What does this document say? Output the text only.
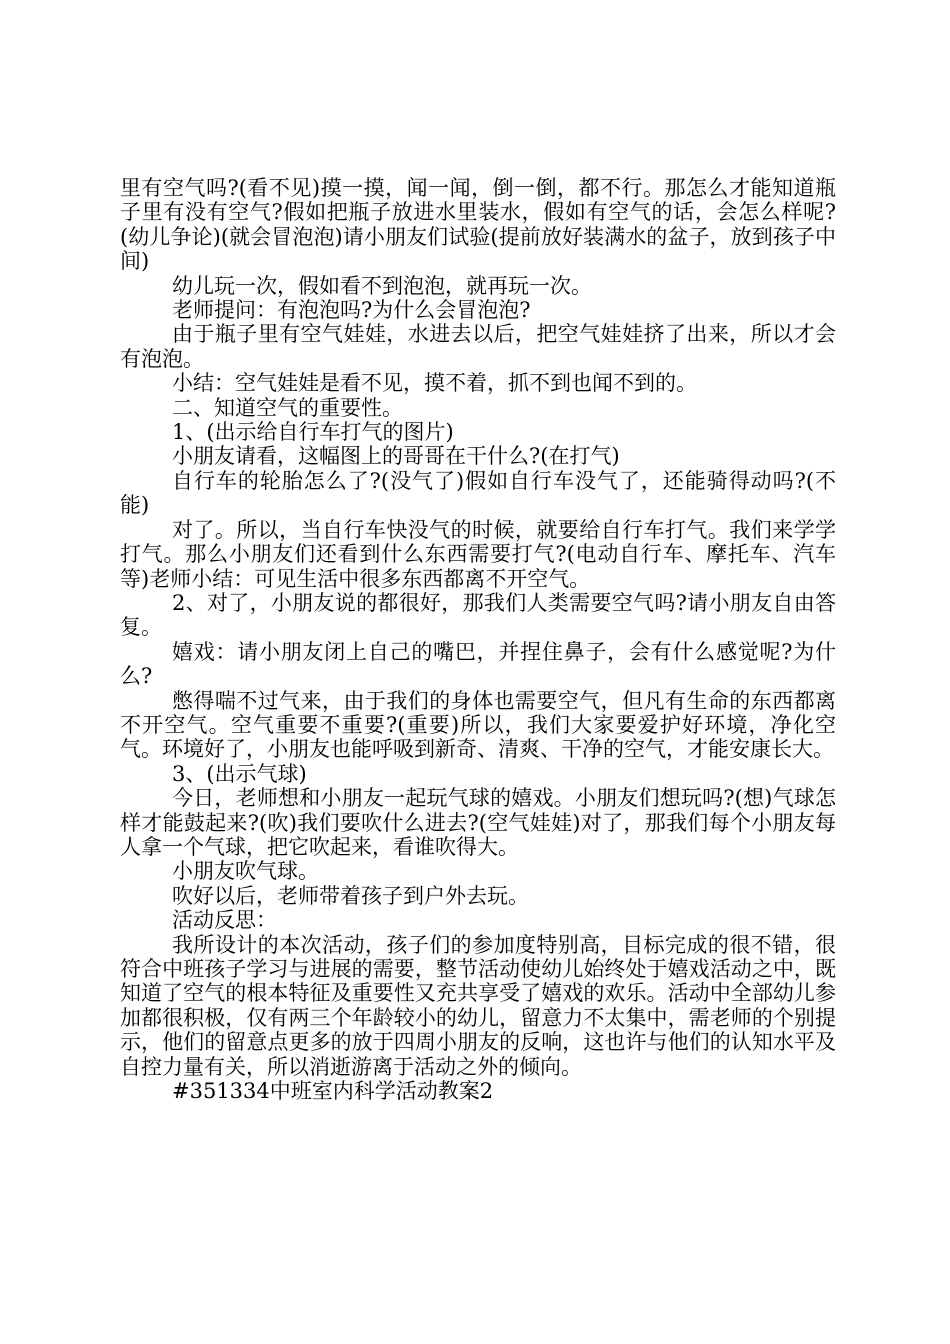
里有空气吗?(看不见)摸一摸，闻一闻，倒一倒，都不行。那怎么才能知道瓶子里有没有空气?假如把瓶子放进水里装水，假如有空气的话，会怎么样呢?(幼儿争论)(就会冒泡泡)请小朋友们试验(提前放好装满水的盆子，放到孩子中间)

幼儿玩一次，假如看不到泡泡，就再玩一次。

老师提问：有泡泡吗?为什么会冒泡泡?

由于瓶子里有空气娃娃，水进去以后，把空气娃娃挤了出来，所以才会有泡泡。

小结：空气娃娃是看不见，摸不着，抓不到也闻不到的。

二、知道空气的重要性。

1、(出示给自行车打气的图片)

小朋友请看，这幅图上的哥哥在干什么?(在打气)

自行车的轮胎怎么了?(没气了)假如自行车没气了，还能骑得动吗?(不能)

对了。所以，当自行车快没气的时候，就要给自行车打气。我们来学学打气。那么小朋友们还看到什么东西需要打气?(电动自行车、摩托车、汽车等)老师小结：可见生活中很多东西都离不开空气。

2、对了，小朋友说的都很好，那我们人类需要空气吗?请小朋友自由答复。

嬉戏：请小朋友闭上自己的嘴巴，并捏住鼻子，会有什么感觉呢?为什么?

憋得喘不过气来，由于我们的身体也需要空气，但凡有生命的东西都离不开空气。空气重要不重要?(重要)所以，我们大家要爱护好环境，净化空气。环境好了，小朋友也能呼吸到新奇、清爽、干净的空气，才能安康长大。

3、(出示气球)

今日，老师想和小朋友一起玩气球的嬉戏。小朋友们想玩吗?(想)气球怎样才能鼓起来?(吹)我们要吹什么进去?(空气娃娃)对了，那我们每个小朋友每人拿一个气球，把它吹起来，看谁吹得大。

小朋友吹气球。

吹好以后，老师带着孩子到户外去玩。

活动反思：

我所设计的本次活动，孩子们的参加度特别高，目标完成的很不错，很符合中班孩子学习与进展的需要，整节活动使幼儿始终处于嬉戏活动之中，既知道了空气的根本特征及重要性又充共享受了嬉戏的欢乐。活动中全部幼儿参加都很积极，仅有两三个年龄较小的幼儿，留意力不太集中，需老师的个别提示，他们的留意点更多的放于四周小朋友的反响，这也许与他们的认知水平及自控力量有关，所以消逝游离于活动之外的倾向。

#351334中班室内科学活动教案2
